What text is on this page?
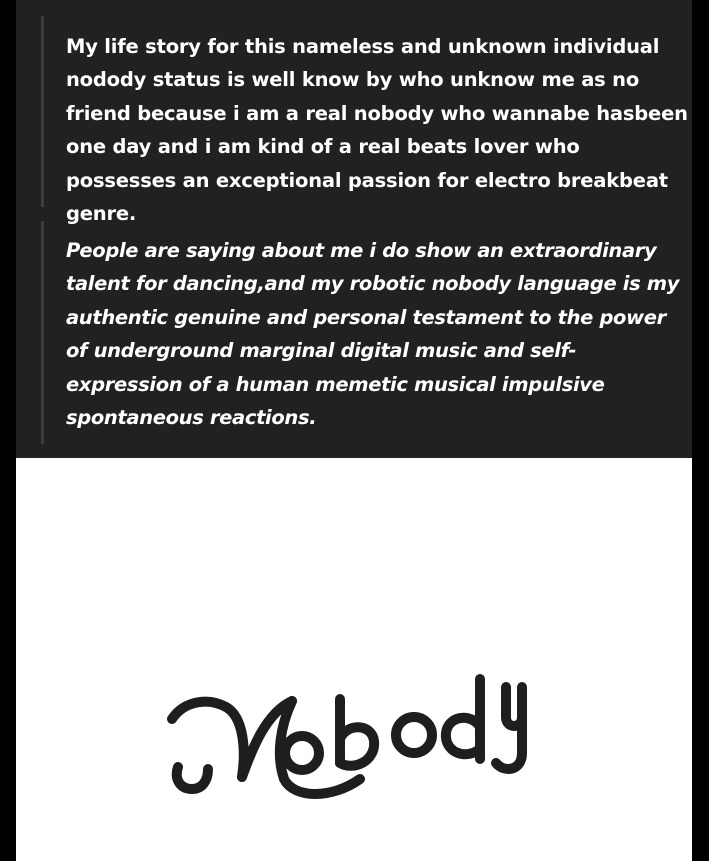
My life story for this nameless and unknown individual nodody status is well know by who unknow me as no friend because i am a real nobody who wannabe hasbeen one day and i am kind of a real beats lover who possesses an exceptional passion for electro breakbeat genre.

People are saying about me i do show an extraordinary talent for dancing,and my robotic nobody language is my authentic genuine and personal testament to the power of underground marginal digital music and self-expression of a human memetic musical impulsive spontaneous reactions.
